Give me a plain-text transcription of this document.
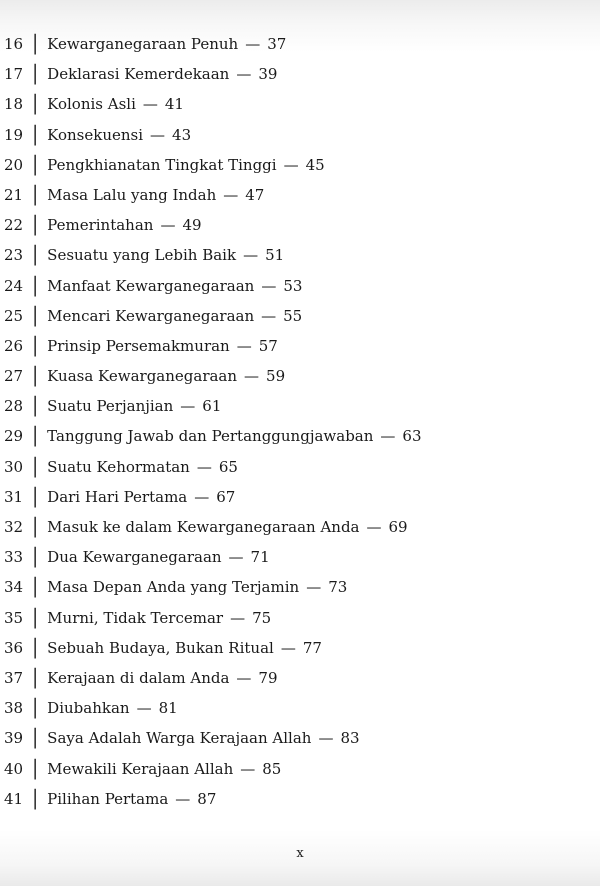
16 | Kewarganegaraan Penuh — 37
17 | Deklarasi Kemerdekaan — 39
18 | Kolonis Asli — 41
19 | Konsekuensi — 43
20 | Pengkhianatan Tingkat Tinggi — 45
21 | Masa Lalu yang Indah — 47
22 | Pemerintahan — 49
23 | Sesuatu yang Lebih Baik — 51
24 | Manfaat Kewarganegaraan — 53
25 | Mencari Kewarganegaraan — 55
26 | Prinsip Persemakmuran — 57
27 | Kuasa Kewarganegaraan — 59
28 | Suatu Perjanjian — 61
29 | Tanggung Jawab dan Pertanggungjawaban — 63
30 | Suatu Kehormatan — 65
31 | Dari Hari Pertama — 67
32 | Masuk ke dalam Kewarganegaraan Anda — 69
33 | Dua Kewarganegaraan — 71
34 | Masa Depan Anda yang Terjamin — 73
35 | Murni, Tidak Tercemar — 75
36 | Sebuah Budaya, Bukan Ritual — 77
37 | Kerajaan di dalam Anda — 79
38 | Diubahkan — 81
39 | Saya Adalah Warga Kerajaan Allah — 83
40 | Mewakili Kerajaan Allah — 85
41 | Pilihan Pertama — 87
x
